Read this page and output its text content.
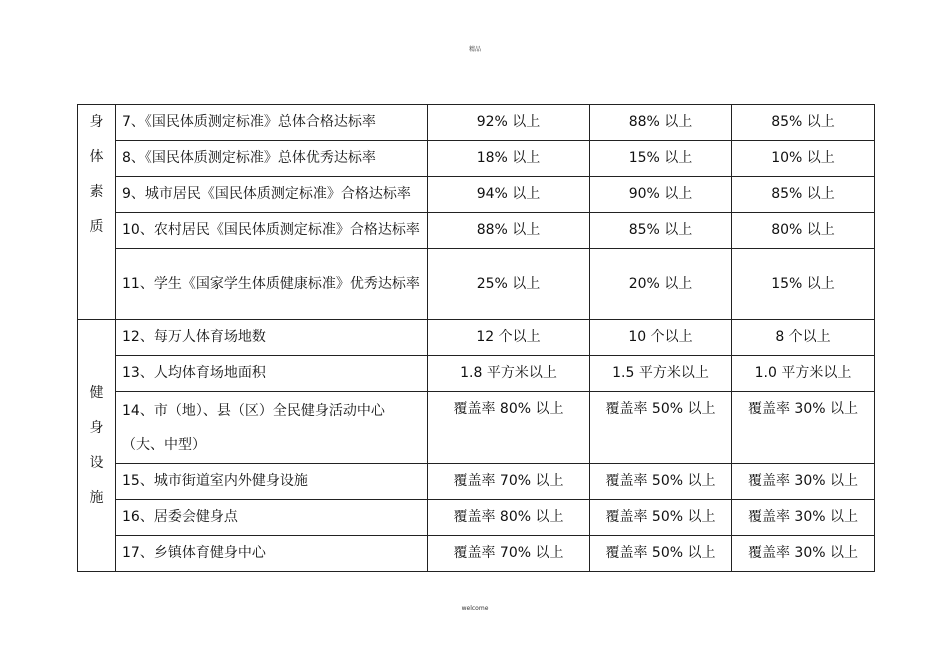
精品
身
体
素
质	7、《国民体质测定标准》总体合格达标率	92% 以上	88% 以上	85% 以上
	8、《国民体质测定标准》总体优秀达标率	18% 以上	15% 以上	10% 以上
	9、城市居民《国民体质测定标准》合格达标率	94% 以上	90% 以上	85% 以上
	10、农村居民《国民体质测定标准》合格达标率	88% 以上	85% 以上	80% 以上
	11、学生《国家学生体质健康标准》优秀达标率	25% 以上	20% 以上	15% 以上

健
身
设
施	12、每万人体育场地数	12 个以上	10 个以上	8 个以上
	13、人均体育场地面积	1.8 平方米以上	1.5 平方米以上	1.0 平方米以上
	14、市（地）、县（区）全民健身活动中心（大、中型）	覆盖率 80% 以上	覆盖率 50% 以上	覆盖率 30% 以上
	15、城市街道室内外健身设施	覆盖率 70% 以上	覆盖率 50% 以上	覆盖率 30% 以上
	16、居委会健身点	覆盖率 80% 以上	覆盖率 50% 以上	覆盖率 30% 以上
	17、乡镇体育健身中心	覆盖率 70% 以上	覆盖率 50% 以上	覆盖率 30% 以上
welcome
